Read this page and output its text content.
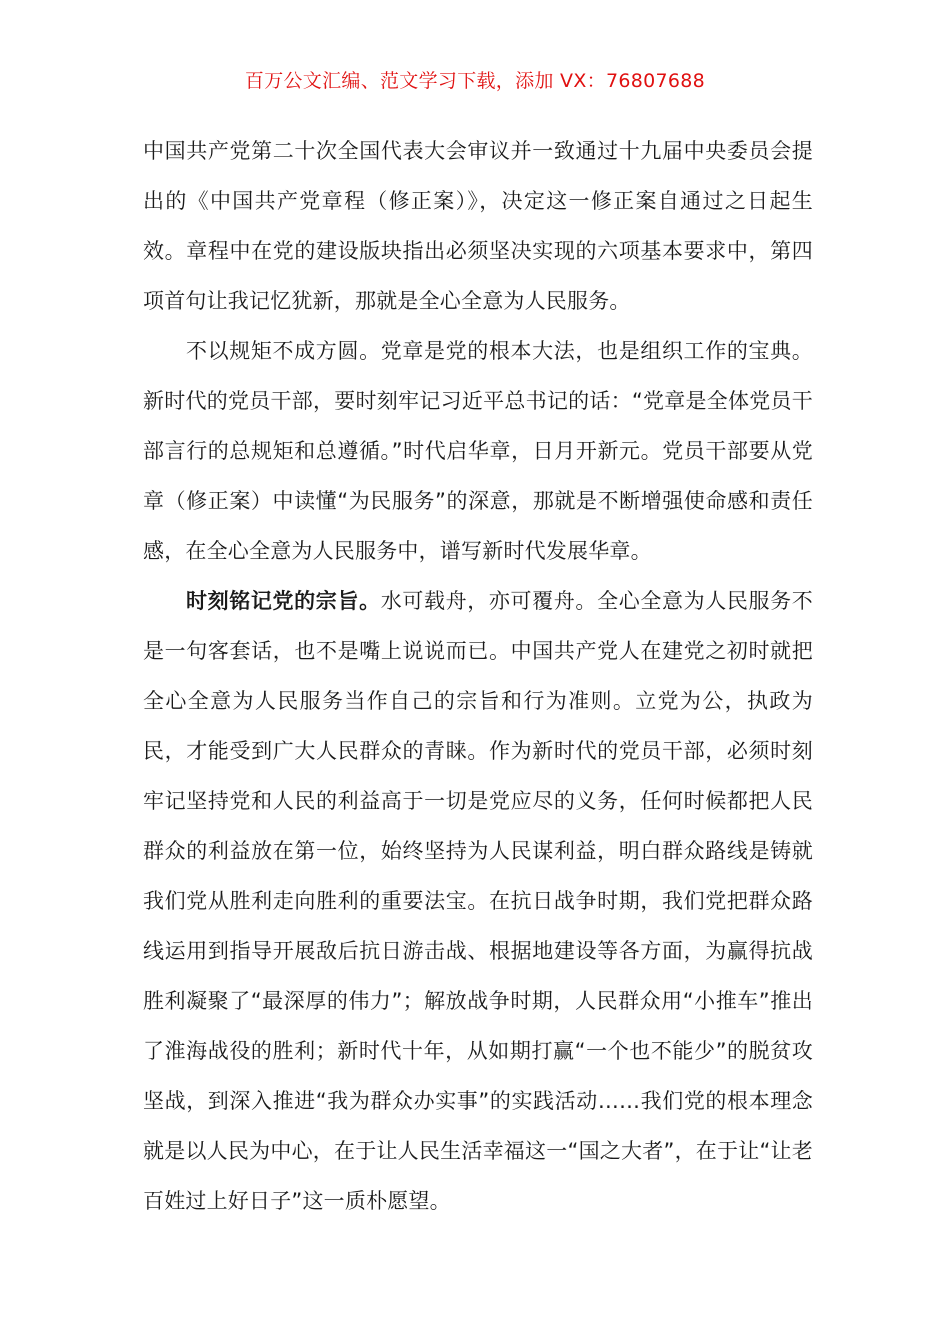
百万公文汇编、范文学习下载，添加 VX：76807688

中国共产党第二十次全国代表大会审议并一致通过十九届中央委员会提出的《中国共产党章程（修正案）》，决定这一修正案自通过之日起生效。章程中在党的建设版块指出必须坚决实现的六项基本要求中，第四项首句让我记忆犹新，那就是全心全意为人民服务。

不以规矩不成方圆。党章是党的根本大法，也是组织工作的宝典。新时代的党员干部，要时刻牢记习近平总书记的话：“党章是全体党员干部言行的总规矩和总遵循。”时代启华章，日月开新元。党员干部要从党章（修正案）中读懂“为民服务”的深意，那就是不断增强使命感和责任感，在全心全意为人民服务中，谱写新时代发展华章。

时刻铭记党的宗旨。水可载舟，亦可覆舟。全心全意为人民服务不是一句客套话，也不是嘴上说说而已。中国共产党人在建党之初时就把全心全意为人民服务当作自己的宗旨和行为准则。立党为公，执政为民，才能受到广大人民群众的青睐。作为新时代的党员干部，必须时刻牢记坚持党和人民的利益高于一切是党应尽的义务，任何时候都把人民群众的利益放在第一位，始终坚持为人民谋利益，明白群众路线是铸就我们党从胜利走向胜利的重要法宝。在抗日战争时期，我们党把群众路线运用到指导开展敌后抗日游击战、根据地建设等各方面，为赢得抗战胜利凝聚了“最深厚的伟力”；解放战争时期，人民群众用“小推车”推出了淮海战役的胜利；新时代十年，从如期打赢“一个也不能少”的脱贫攻坚战，到深入推进“我为群众办实事”的实践活动……我们党的根本理念就是以人民为中心，在于让人民生活幸福这一“国之大者”，在于让“让老百姓过上好日子”这一质朴愿望。
